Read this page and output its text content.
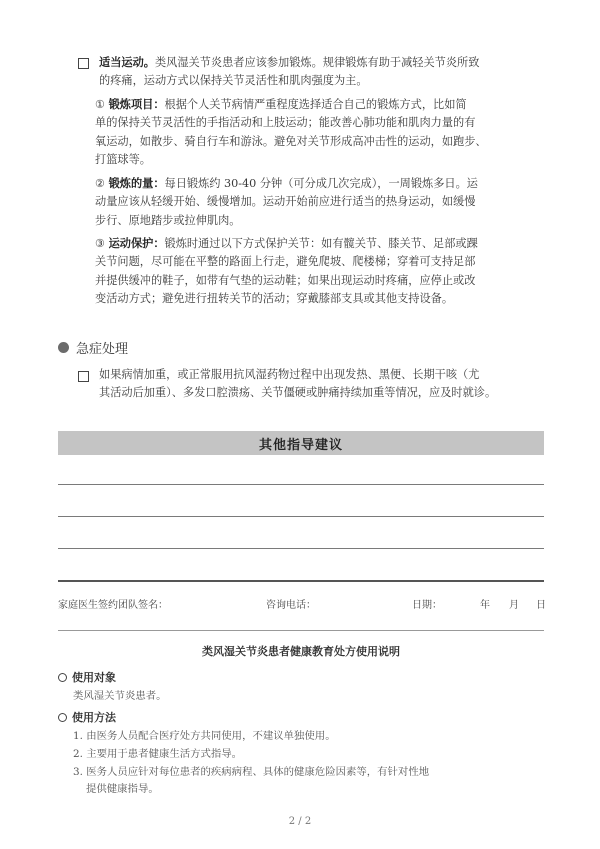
适当运动。类风湿关节炎患者应该参加锻炼。规律锻炼有助于减轻关节炎所致
的疼痛，运动方式以保持关节灵活性和肌肉强度为主。
① 锻炼项目：根据个人关节病情严重程度选择适合自己的锻炼方式，比如简
单的保持关节灵活性的手指活动和上肢运动；能改善心肺功能和肌肉力量的有
氧运动，如散步、骑自行车和游泳。避免对关节形成高冲击性的运动，如跑步、
打篮球等。
② 锻炼的量：每日锻炼约 30-40 分钟（可分成几次完成），一周锻炼多日。运
动量应该从轻缓开始、缓慢增加。运动开始前应进行适当的热身运动，如缓慢
步行、原地踏步或拉伸肌肉。
③ 运动保护：锻炼时通过以下方式保护关节：如有髋关节、膝关节、足部或踝
关节问题，尽可能在平整的路面上行走，避免爬坡、爬楼梯；穿着可支持足部
并提供缓冲的鞋子，如带有气垫的运动鞋；如果出现运动时疼痛，应停止或改
变活动方式；避免进行扭转关节的活动；穿戴膝部支具或其他支持设备。
急症处理
如果病情加重，或正常服用抗风湿药物过程中出现发热、黑便、长期干咳（尤
其活动后加重）、多发口腔溃疡、关节僵硬或肿痛持续加重等情况，应及时就诊。
其他指导建议
家庭医生签约团队签名：	咨询电话：	日期：	年 月 日
类风湿关节炎患者健康教育处方使用说明
使用对象
类风湿关节炎患者。
使用方法
1. 由医务人员配合医疗处方共同使用，不建议单独使用。
2. 主要用于患者健康生活方式指导。
3. 医务人员应针对每位患者的疾病病程、具体的健康危险因素等，有针对性地
提供健康指导。
2 / 2
